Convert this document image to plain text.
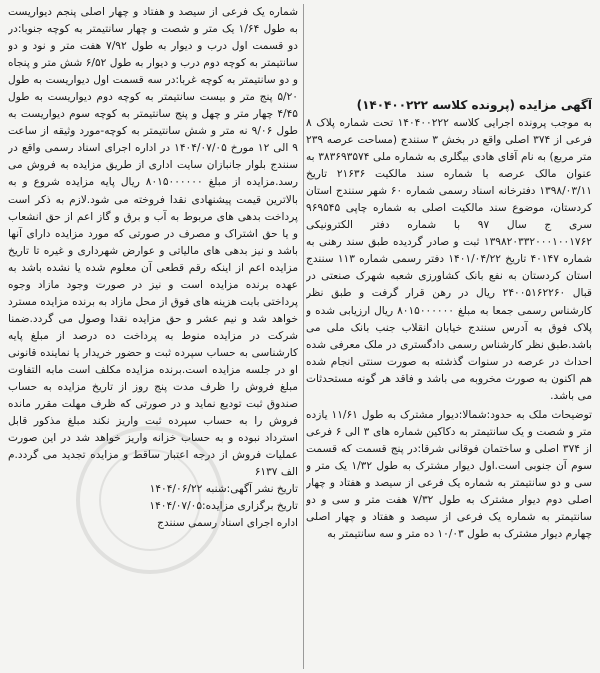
آگهی مزایده (پرونده کلاسه ۱۴۰۴۰۰۲۲۲)

به موجب پرونده اجرایی کلاسه ۱۴۰۴۰۰۲۲۲ تحت شماره پلاک ۸ فرعی از ۳۷۴ اصلی واقع در بخش ۳ سنندج (مساحت عرصه ۲۳۹ متر مربع) به نام آقای هادی بیگلری به شماره ملی ۳۸۳۶۹۳۵۷۴ به عنوان مالک عرصه با شماره سند مالکیت ۲۱۶۳۶ تاریخ ۱۳۹۸/۰۳/۱۱ دفترخانه اسناد رسمی شماره ۶۰ شهر سنندج استان کردستان، موضوع سند مالکیت اصلی به شماره چاپی ۹۶۹۵۴۵ سری ج سال ۹۷ با شماره دفتر الکترونیکی ۱۳۹۸۲۰۳۳۲۰۰۰۱۰۰۱۷۶۲ ثبت و صادر گردیده طبق سند رهنی به شماره ۴۰۱۴۷ تاریخ ۱۴۰۱/۰۴/۲۲ دفتر رسمی شماره ۱۱۳ سنندج استان کردستان به نفع بانک کشاورزی شعبه شهرک صنعتی در قبال ۲۴۰۰۵۱۶۲۲۶۰ ریال در رهن قرار گرفت و طبق نظر کارشناس رسمی جمعا به مبلغ ۸۰۱۵۰۰۰۰۰۰ ریال ارزیابی شده و پلاک فوق به آدرس سنندج خیابان انقلاب جنب بانک ملی می باشد.طبق نظر کارشناس رسمی دادگستری در ملک معرفی شده احداث در عرصه در سنوات گذشته به صورت سنتی انجام شده هم اکنون به صورت مخروبه می باشد و فاقد هر گونه مستحدثات می باشد.

توضیحات ملک به حدود:شمالا:دیوار مشترک به طول ۱۱/۶۱ یازده متر و شصت و یک سانتیمتر به دکاکین شماره های ۳ الی ۶ فرعی از ۳۷۴ اصلی و ساختمان فوقانی شرقا:در پنج قسمت که قسمت سوم آن جنوبی است.اول دیوار مشترک به طول ۱/۳۲ یک متر و سی و دو سانتیمتر به شماره یک فرعی از سیصد و هفتاد و چهار اصلی دوم دیوار مشترک به طول ۷/۳۲ هفت متر و سی و دو سانتیمتر به شماره یک فرعی از سیصد و هفتاد و چهار اصلی چهارم دیوار مشترک به طول ۱۰/۰۳ ده متر و سه سانتیمتر به

شماره یک فرعی از سیصد و هفتاد و چهار اصلی پنجم دیواریست به طول ۱/۶۴ یک متر و شصت و چهار سانتیمتر به کوچه جنوبا:در دو قسمت اول درب و دیوار به طول ۷/۹۲ هفت متر و نود و دو سانتیمتر به کوچه دوم درب و دیوار به طول ۶/۵۲ شش متر و پنجاه و دو سانتیمتر به کوچه غربا:در سه قسمت اول دیواریست به طول ۵/۲۰ پنج متر و بیست سانتیمتر به کوچه دوم دیواریست به طول ۴/۴۵ چهار متر و چهل و پنج سانتیمتر به کوچه سوم دیواریست به طول ۹/۰۶ نه متر و شش سانتیمتر به کوچه-مورد وثیقه از ساعت ۹ الی ۱۲ مورخ ۱۴۰۴/۰۷/۰۵ در اداره اجرای اسناد رسمی واقع در سنندج بلوار جانبازان سایت اداری از طریق مزایده به فروش می رسد.مزایده از مبلغ ۸۰۱۵۰۰۰۰۰۰ ریال پایه مزایده شروع و به بالاترین قیمت پیشنهادی نقدا فروخته می شود.لازم به ذکر است پرداخت بدهی های مربوط به آب و برق و گاز اعم از حق انشعاب و یا حق اشتراک و مصرف در صورتی که مورد مزایده دارای آنها باشد و نیز بدهی های مالیاتی و عوارض شهرداری و غیره تا تاریخ مزایده اعم از اینکه رقم قطعی آن معلوم شده یا نشده باشد به عهده برنده مزایده است و نیز در صورت وجود مازاد وجوه پرداختی بابت هزینه های فوق از محل مازاد به برنده مزایده مسترد خواهد شد و نیم عشر و حق مزایده نقدا وصول می گردد.ضمنا شرکت در مزایده منوط به پرداخت ده درصد از مبلغ پایه کارشناسی به حساب سپرده ثبت و حضور خریدار یا نماینده قانونی او در جلسه مزایده است.برنده مزایده مکلف است مابه التفاوت مبلغ فروش را ظرف مدت پنج روز از تاریخ مزایده به حساب صندوق ثبت تودیع نماید و در صورتی که ظرف مهلت مقرر مانده فروش را به حساب سپرده ثبت واریز نکند مبلغ مذکور قابل استرداد نبوده و به حساب خزانه واریز خواهد شد در این صورت عملیات فروش از درجه اعتبار ساقط و مزایده تجدید می گردد.م الف ۶۱۳۷

تاریخ نشر آگهی:شنبه ۱۴۰۴/۰۶/۲۲

تاریخ برگزاری مزایده:۱۴۰۴/۰۷/۰۵

اداره اجرای اسناد رسمی سنندج
